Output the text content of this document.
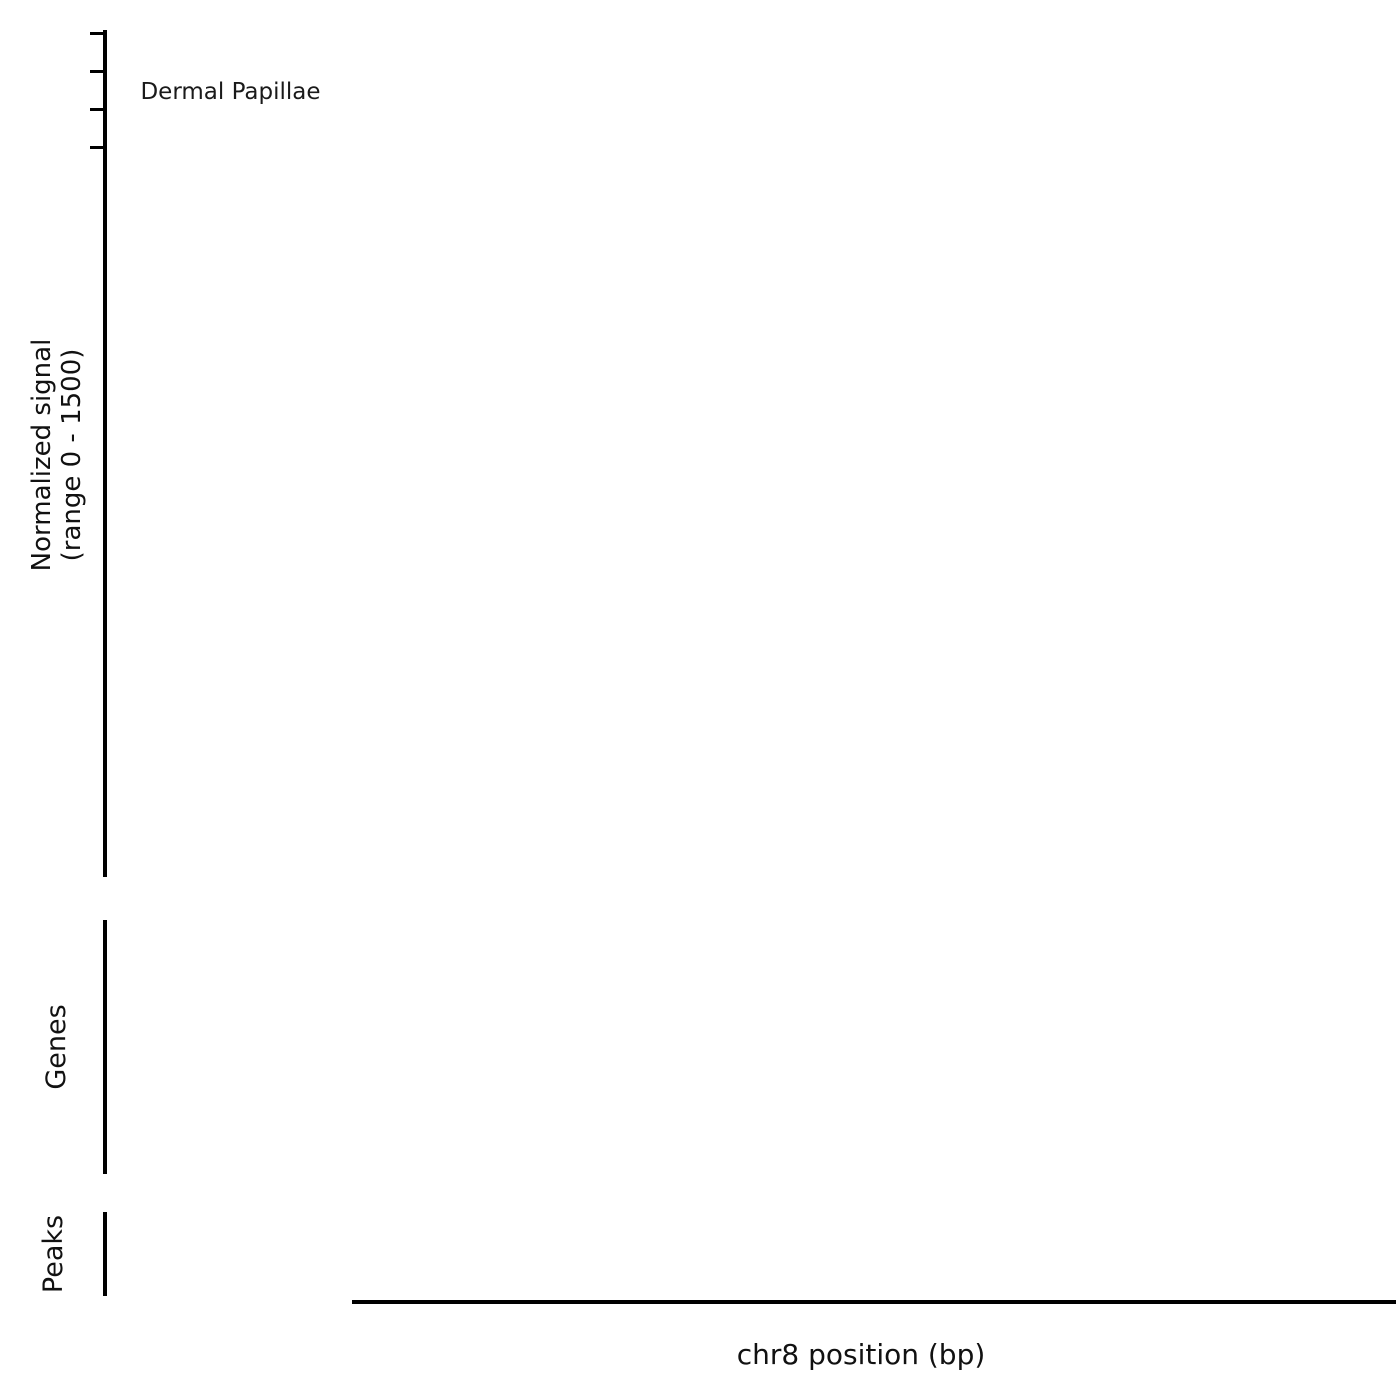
Normalized signal (range 0 - 1500)
Dermal Papillae
Genes
Peaks
chr8 position (bp)
